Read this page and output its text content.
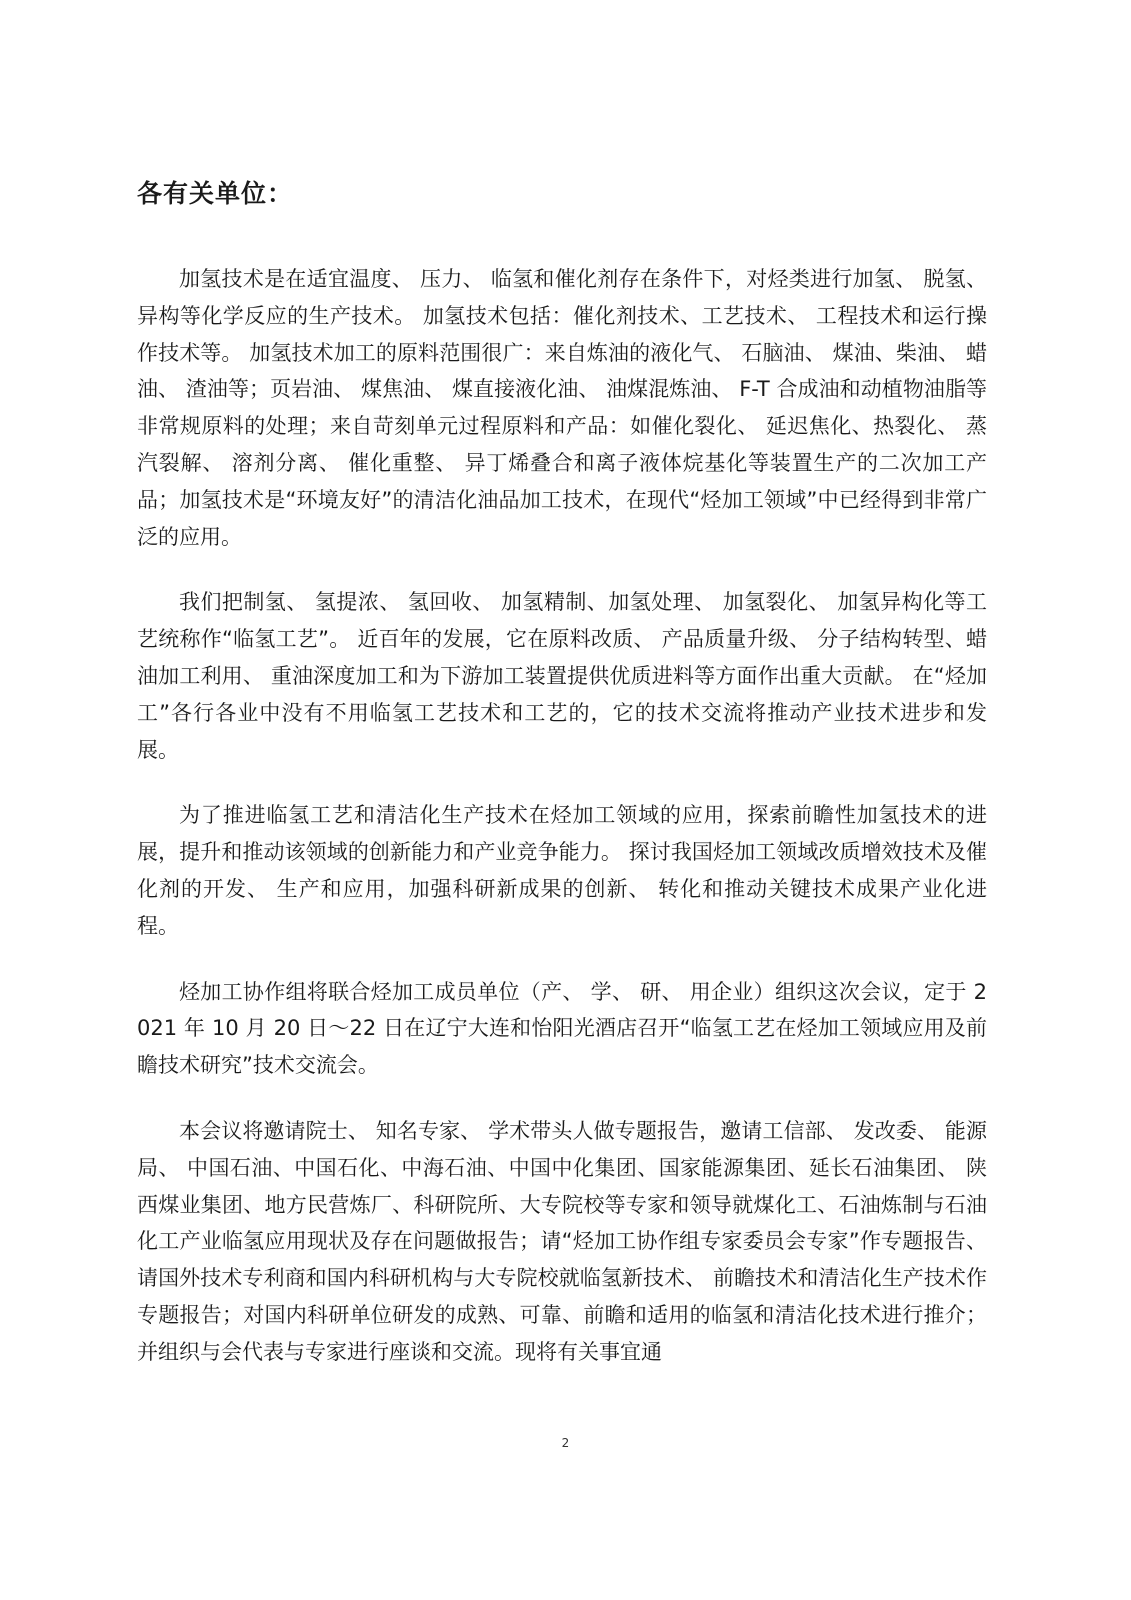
各有关单位：

加氢技术是在适宜温度、 压力、 临氢和催化剂存在条件下，对烃类进行加氢、 脱氢、异构等化学反应的生产技术。 加氢技术包括：催化剂技术、工艺技术、 工程技术和运行操作技术等。 加氢技术加工的原料范围很广：来自炼油的液化气、 石脑油、 煤油、柴油、 蜡油、 渣油等；页岩油、 煤焦油、 煤直接液化油、 油煤混炼油、 F-T 合成油和动植物油脂等非常规原料的处理；来自苛刻单元过程原料和产品：如催化裂化、 延迟焦化、热裂化、 蒸汽裂解、 溶剂分离、 催化重整、 异丁烯叠合和离子液体烷基化等装置生产的二次加工产品；加氢技术是“环境友好”的清洁化油品加工技术，在现代“烃加工领域”中已经得到非常广泛的应用。

我们把制氢、 氢提浓、 氢回收、 加氢精制、加氢处理、 加氢裂化、 加氢异构化等工艺统称作“临氢工艺”。 近百年的发展，它在原料改质、 产品质量升级、 分子结构转型、蜡油加工利用、 重油深度加工和为下游加工装置提供优质进料等方面作出重大贡献。 在“烃加工”各行各业中没有不用临氢工艺技术和工艺的，它的技术交流将推动产业技术进步和发展。

为了推进临氢工艺和清洁化生产技术在烃加工领域的应用，探索前瞻性加氢技术的进展，提升和推动该领域的创新能力和产业竞争能力。 探讨我国烃加工领域改质增效技术及催化剂的开发、 生产和应用，加强科研新成果的创新、 转化和推动关键技术成果产业化进程。

烃加工协作组将联合烃加工成员单位（产、 学、 研、 用企业）组织这次会议，定于 2021 年 10 月 20 日～22 日在辽宁大连和怡阳光酒店召开“临氢工艺在烃加工领域应用及前瞻技术研究”技术交流会。

本会议将邀请院士、 知名专家、 学术带头人做专题报告，邀请工信部、 发改委、 能源局、 中国石油、中国石化、中海石油、中国中化集团、国家能源集团、延长石油集团、 陕西煤业集团、地方民营炼厂、科研院所、大专院校等专家和领导就煤化工、石油炼制与石油化工产业临氢应用现状及存在问题做报告；请“烃加工协作组专家委员会专家”作专题报告、 请国外技术专利商和国内科研机构与大专院校就临氢新技术、 前瞻技术和清洁化生产技术作专题报告；对国内科研单位研发的成熟、可靠、前瞻和适用的临氢和清洁化技术进行推介；并组织与会代表与专家进行座谈和交流。现将有关事宜通

2
